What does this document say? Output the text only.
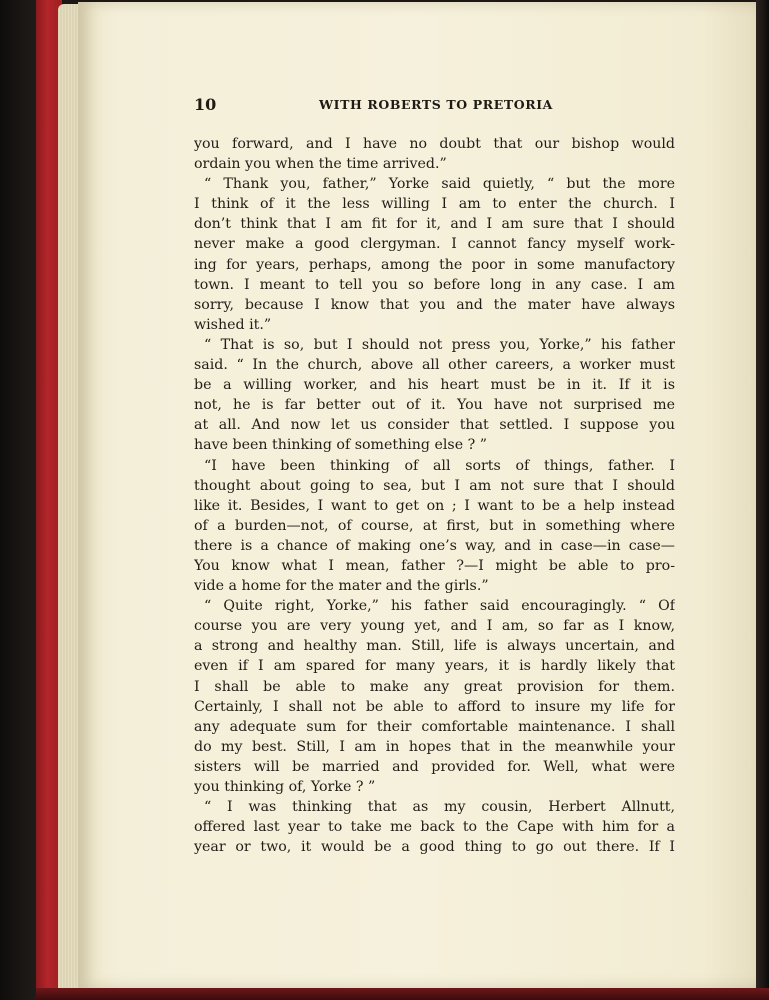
10	WITH ROBERTS TO PRETORIA
you forward, and I have no doubt that our bishop would
ordain you when the time arrived.”
“ Thank you, father,” Yorke said quietly, “ but the more
I think of it the less willing I am to enter the church. I
don’t think that I am fit for it, and I am sure that I should
never make a good clergyman. I cannot fancy myself work-
ing for years, perhaps, among the poor in some manufactory
town. I meant to tell you so before long in any case. I am
sorry, because I know that you and the mater have always
wished it.”
“ That is so, but I should not press you, Yorke,” his father
said. “ In the church, above all other careers, a worker must
be a willing worker, and his heart must be in it. If it is
not, he is far better out of it. You have not surprised me
at all. And now let us consider that settled. I suppose you
have been thinking of something else ? ”
“I have been thinking of all sorts of things, father. I
thought about going to sea, but I am not sure that I should
like it. Besides, I want to get on ; I want to be a help instead
of a burden—not, of course, at first, but in something where
there is a chance of making one’s way, and in case—in case—
You know what I mean, father ?—I might be able to pro-
vide a home for the mater and the girls.”
“ Quite right, Yorke,” his father said encouragingly. “ Of
course you are very young yet, and I am, so far as I know,
a strong and healthy man. Still, life is always uncertain, and
even if I am spared for many years, it is hardly likely that
I shall be able to make any great provision for them.
Certainly, I shall not be able to afford to insure my life for
any adequate sum for their comfortable maintenance. I shall
do my best. Still, I am in hopes that in the meanwhile your
sisters will be married and provided for. Well, what were
you thinking of, Yorke ? ”
“ I was thinking that as my cousin, Herbert Allnutt,
offered last year to take me back to the Cape with him for a
year or two, it would be a good thing to go out there. If I
